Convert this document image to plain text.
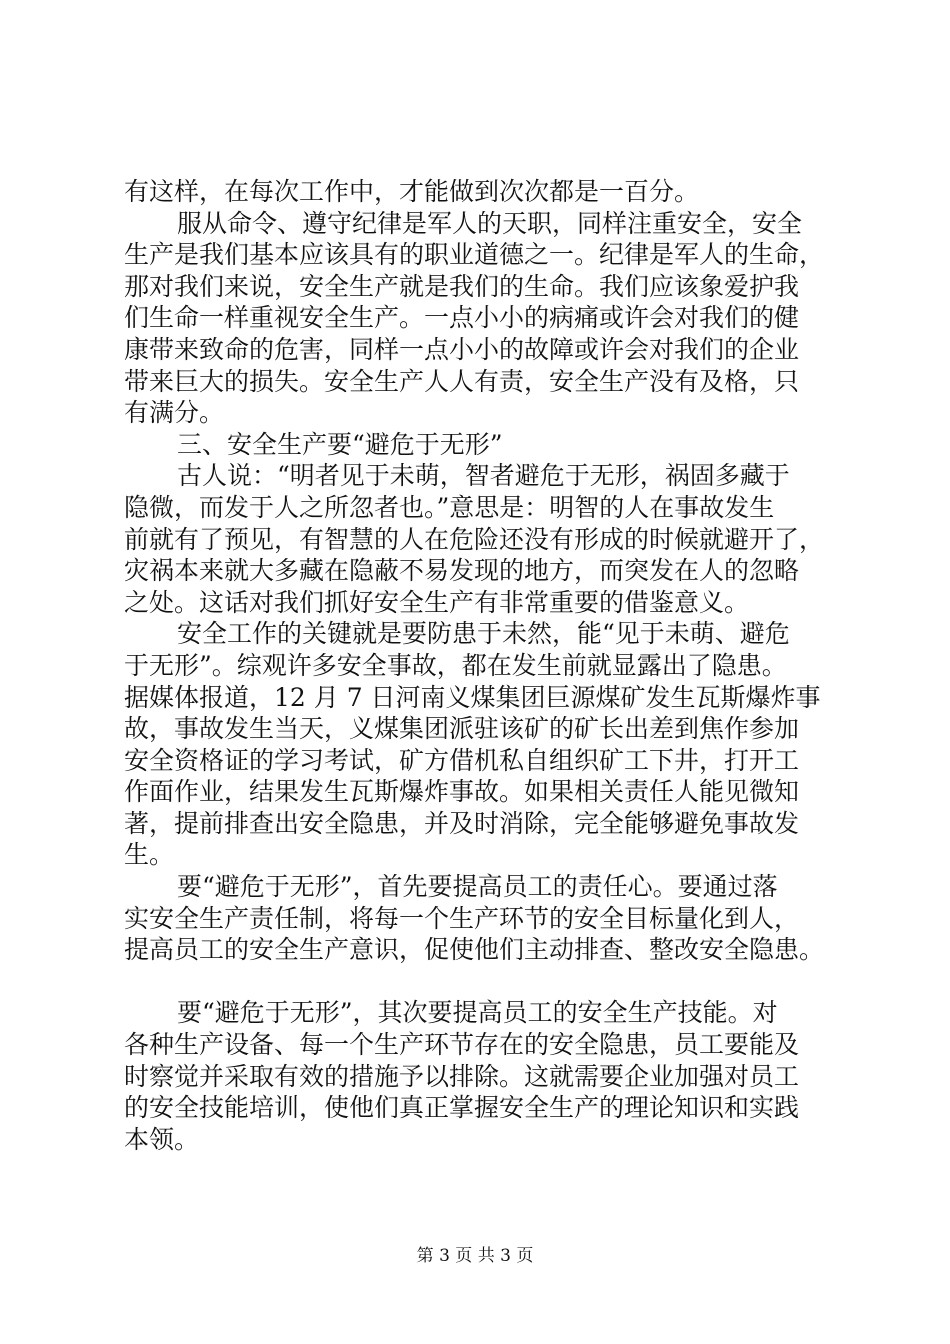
有这样，在每次工作中，才能做到次次都是一百分。

服从命令、遵守纪律是军人的天职，同样注重安全，安全

生产是我们基本应该具有的职业道德之一。纪律是军人的生命，

那对我们来说，安全生产就是我们的生命。我们应该象爱护我

们生命一样重视安全生产。一点小小的病痛或许会对我们的健

康带来致命的危害，同样一点小小的故障或许会对我们的企业

带来巨大的损失。安全生产人人有责，安全生产没有及格，只

有满分。

三、安全生产要“避危于无形”

古人说：“明者见于未萌，智者避危于无形，祸固多藏于

隐微，而发于人之所忽者也。”意思是：明智的人在事故发生

前就有了预见，有智慧的人在危险还没有形成的时候就避开了，

灾祸本来就大多藏在隐蔽不易发现的地方，而突发在人的忽略

之处。这话对我们抓好安全生产有非常重要的借鉴意义。

安全工作的关键就是要防患于未然，能“见于未萌、避危

于无形”。综观许多安全事故，都在发生前就显露出了隐患。

据媒体报道，12 月 7 日河南义煤集团巨源煤矿发生瓦斯爆炸事

故，事故发生当天，义煤集团派驻该矿的矿长出差到焦作参加

安全资格证的学习考试，矿方借机私自组织矿工下井，打开工

作面作业，结果发生瓦斯爆炸事故。如果相关责任人能见微知

著，提前排查出安全隐患，并及时消除，完全能够避免事故发

生。

要“避危于无形”，首先要提高员工的责任心。要通过落

实安全生产责任制，将每一个生产环节的安全目标量化到人，

提高员工的安全生产意识，促使他们主动排查、整改安全隐患。

要“避危于无形”，其次要提高员工的安全生产技能。对

各种生产设备、每一个生产环节存在的安全隐患，员工要能及

时察觉并采取有效的措施予以排除。这就需要企业加强对员工

的安全技能培训，使他们真正掌握安全生产的理论知识和实践

本领。

第 3 页 共 3 页
